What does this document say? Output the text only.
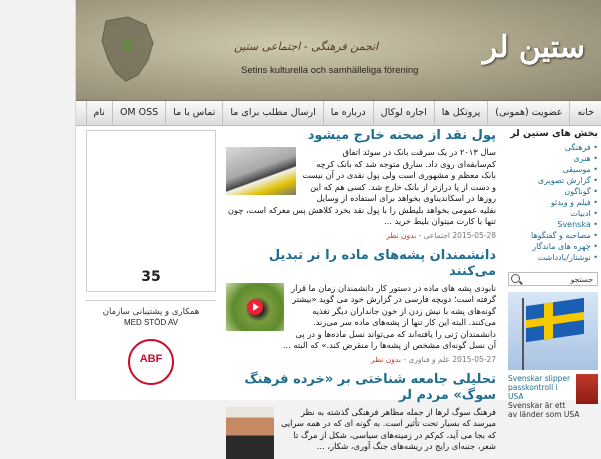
انجمن فرهنگی - اجتماعی ستین
Setins kulturella och samhälleliga förening
ستین لر
خانه
عضویت (همونی)
پروتکل ها
اجاره لوکال
درباره ما
ارسال مطلب برای ما
تماس با ما
OM OSS
نام
35
همکاری و پشتیبانی سازمان
MED STÖD AV
ABF
پول نقد از صحنه خارج میشود
سال ۲۰۱۳ در یک سرقت بانک در سوئد اتفاق کم‌سابقه‌ای روی داد. سارق متوجه شد که بانک کرچه بانک معظم و مشهوری است ولی پول نقدی در آن نیست و دست از پا درازتر از بانک خارج شد. کسی هم که این روزها در اسکاندیناوی بخواهد برای استفاده از وسایل نقلیه عمومی بخواهد بلیطش را با پول نقد بخرد کلاهش پس معرکه است، چون تنها با کارت میتوان بلیط خرید ...
2015-05-28 اجتماعی - بدون نظر
دانشمندان پشه‌های ماده را نر تبدیل می‌کنند
نابودی پشه های ماده در دستور کار دانشمندان زمان ما قرار گرفته است؛ دویچه فارسی در گزارش خود می گوید «بیشتر گونه‌های پشه با نیش زدن از خون جانداران دیگر تغذیه می‌کنند. البته این کار تنها از پشه‌های ماده سر می‌زند. دانشمندان ژنی را یافته‌اند که می‌تواند نسل ماده‌ها و در پی آن نسل گونه‌ای مشخص از پشه‌ها را منقرض کند.» که البته ...
2015-05-27 علم و فناوری - بدون نظر
تحلیلی جامعه شناختی بر «خرده فرهنگ سوگ» مردم لر
فرهنگ سوگ لرها از جمله مظاهر فرهنگی گذشته به نظر میرسد که بسیار تحت تأثیر است. به گونه ای که در همه سرایی که بجا می آید، کم‌کم در زمینه‌های سیاسی، شکل از مرگ تا شعر، جنبه‌ای رایج در ریشه‌های جنگ آوری، شکار، ...
بخش های ستین لر
• فرهنگی
• هنری
• موسیقی
• گزارش تصویری
• گوناگون
• فیلم و ویدئو
• ادبیات
• Svenska
• مصاحبه و گفتگوها
• چهره های ماندگار
• نوشتار/یادداشت
جستجو
Svenskar slipper passkontroll i USA
Svenskar är ett av länder som USA
